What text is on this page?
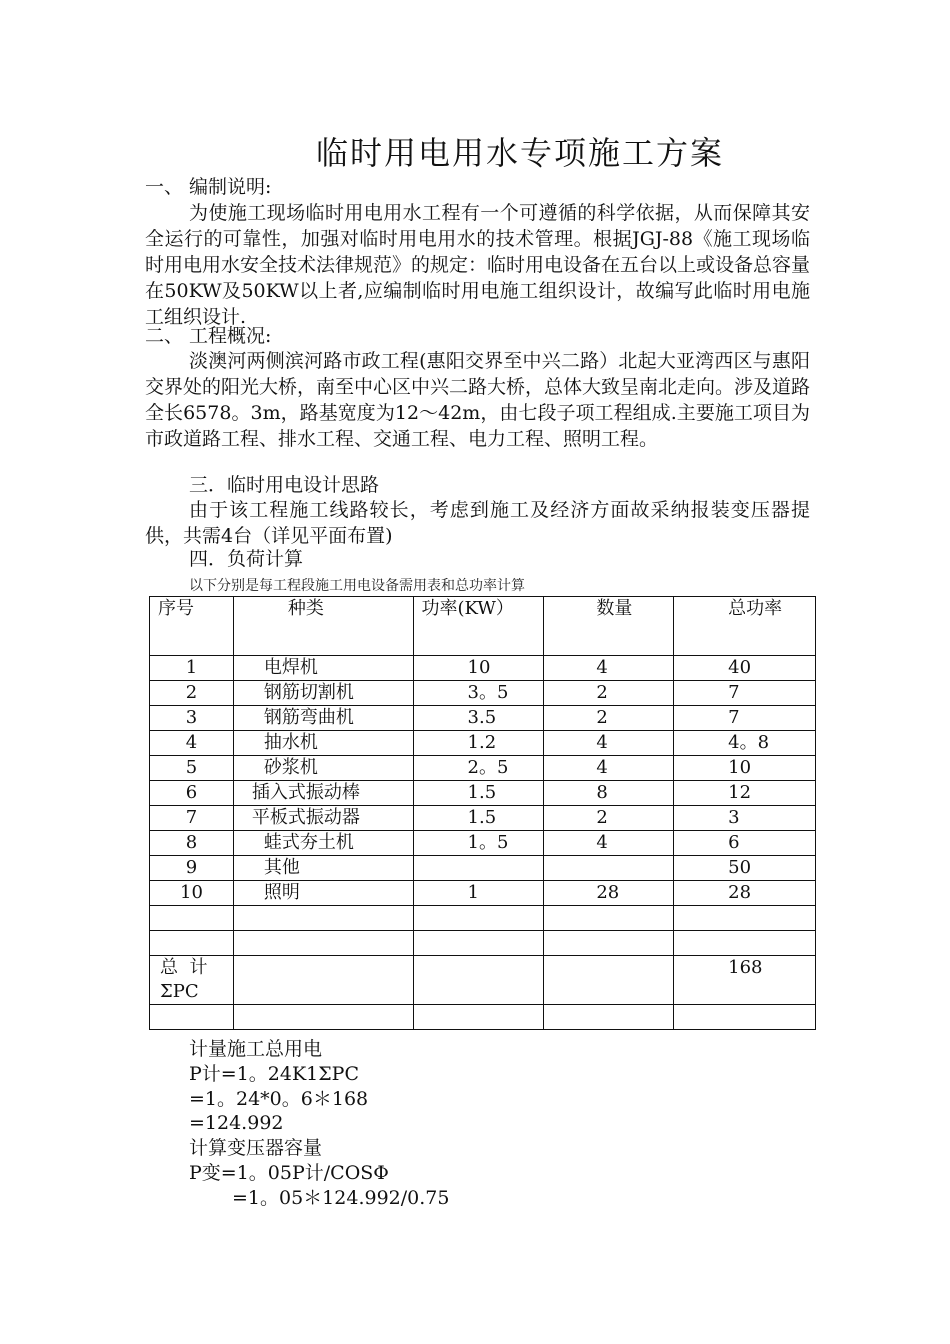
临时用电用水专项施工方案
一、 编制说明:
为使施工现场临时用电用水工程有一个可遵循的科学依据，从而保障其安全运行的可靠性，加强对临时用电用水的技术管理。根据JGJ-88《施工现场临时用电用水安全技术法律规范》的规定：临时用电设备在五台以上或设备总容量在50KW及50KW以上者,应编制临时用电施工组织设计，故编写此临时用电施工组织设计.
二、 工程概况:
淡澳河两侧滨河路市政工程(惠阳交界至中兴二路）北起大亚湾西区与惠阳交界处的阳光大桥，南至中心区中兴二路大桥，总体大致呈南北走向。涉及道路全长6578。3m，路基宽度为12～42m，由七段子项工程组成.主要施工项目为市政道路工程、排水工程、交通工程、电力工程、照明工程。
三．临时用电设计思路
由于该工程施工线路较长，考虑到施工及经济方面故采纳报装变压器提供，共需4台（详见平面布置)
四．负荷计算
以下分别是每工程段施工用电设备需用表和总功率计算
序号	种类	功率(KW）	数量	总功率
1	电焊机	10	4	40
2	钢筋切割机	3。5	2	7
3	钢筋弯曲机	3.5	2	7
4	抽水机	1.2	4	4。8
5	砂浆机	2。5	4	10
6	插入式振动棒	1.5	8	12
7	平板式振动器	1.5	2	3
8	蛙式夯土机	1。5	4	6
9	其他			50
10	照明	1	28	28

总  计
ΣPC				168

计量施工总用电
P计=1。24K1ΣPC
=1。24*0。6＊168
=124.992
计算变压器容量
P变=1。05P计/COSΦ
=1。05＊124.992/0.75
